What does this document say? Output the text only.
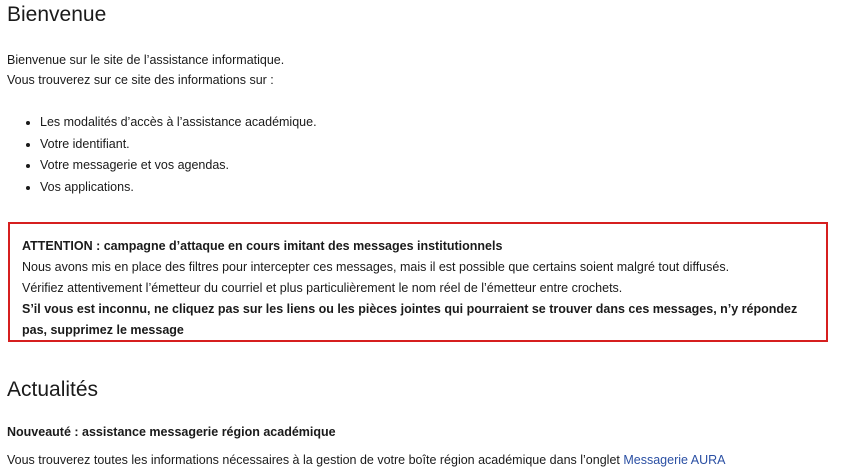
Bienvenue

Bienvenue sur le site de l’assistance informatique.

Vous trouverez sur ce site des informations sur :

• Les modalités d’accès à l’assistance académique.
• Votre identifiant.
• Votre messagerie et vos agendas.
• Vos applications.

ATTENTION : campagne d’attaque en cours imitant des messages institutionnels

Nous avons mis en place des filtres pour intercepter ces messages, mais il est possible que certains soient malgré tout diffusés.

Vérifiez attentivement l’émetteur du courriel et plus particulièrement le nom réel de l’émetteur entre crochets.

S’il vous est inconnu, ne cliquez pas sur les liens ou les pièces jointes qui pourraient se trouver dans ces messages, n’y répondez pas, supprimez le message

Actualités
Nouveauté : assistance messagerie région académique
Vous trouverez toutes les informations nécessaires à la gestion de votre boîte région académique dans l’onglet Messagerie AURA
